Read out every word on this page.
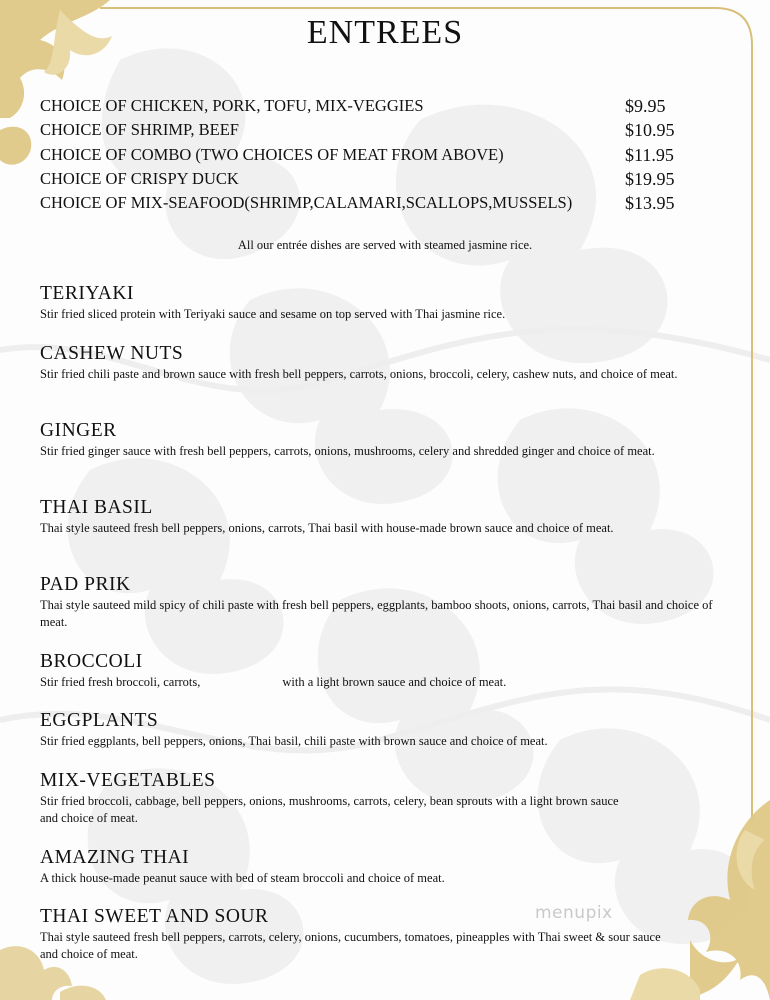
ENTREES
CHOICE OF CHICKEN, PORK, TOFU, MIX-VEGGIES	$9.95
CHOICE OF SHRIMP, BEEF	$10.95
CHOICE OF COMBO (TWO CHOICES OF MEAT FROM ABOVE)	$11.95
CHOICE OF CRISPY DUCK	$19.95
CHOICE OF MIX-SEAFOOD(SHRIMP,CALAMARI,SCALLOPS,MUSSELS)	$13.95
All our entrée dishes are served with steamed jasmine rice.
TERIYAKI
Stir fried sliced protein with Teriyaki sauce and sesame on top served with Thai jasmine rice.
CASHEW NUTS
Stir fried chili paste and brown sauce with fresh bell peppers, carrots, onions, broccoli, celery, cashew nuts, and choice of meat.
GINGER
Stir fried ginger sauce with fresh bell peppers, carrots, onions, mushrooms, celery and shredded ginger and choice of meat.
THAI BASIL
Thai style sauteed fresh bell peppers, onions, carrots, Thai basil with house-made brown sauce and choice of meat.
PAD PRIK
Thai style sauteed mild spicy of chili paste with fresh bell peppers, eggplants, bamboo shoots, onions, carrots, Thai basil and choice of meat.
BROCCOLI
Stir fried fresh broccoli, carrots,	with a light brown sauce and choice of meat.
EGGPLANTS
Stir fried eggplants, bell peppers, onions, Thai basil, chili paste with brown sauce and choice of meat.
MIX-VEGETABLES
Stir fried broccoli, cabbage, bell peppers, onions, mushrooms, carrots, celery, bean sprouts with a light brown sauce and choice of meat.
AMAZING THAI
A thick house-made peanut sauce with bed of steam broccoli and choice of meat.
THAI SWEET AND SOUR
Thai style sauteed fresh bell peppers, carrots, celery, onions, cucumbers, tomatoes, pineapples with Thai sweet & sour sauce and choice of meat.
menupix
